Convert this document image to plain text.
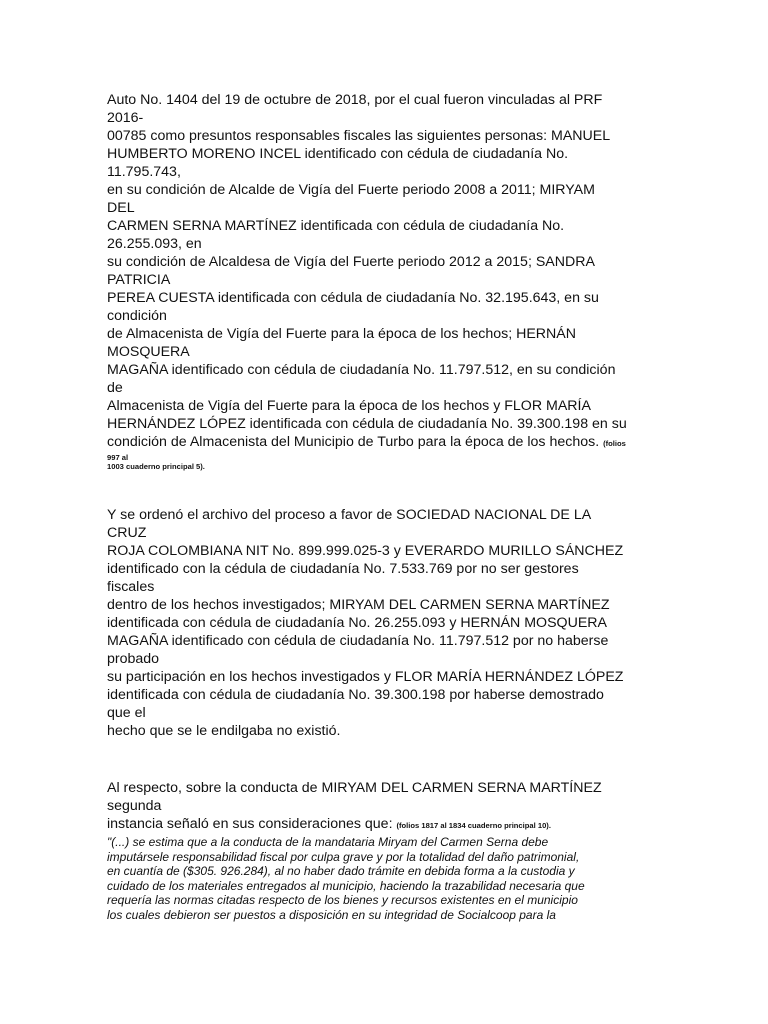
Auto No. 1404 del 19 de octubre de 2018, por el cual fueron vinculadas al PRF
2016-
00785 como presuntos responsables fiscales las siguientes personas: MANUEL
HUMBERTO MORENO INCEL identificado con cédula de ciudadanía No.
11.795.743,
en su condición de Alcalde de Vigía del Fuerte periodo 2008 a 2011; MIRYAM
DEL
CARMEN SERNA MARTÍNEZ identificada con cédula de ciudadanía No.
26.255.093, en
su condición de Alcaldesa de Vigía del Fuerte periodo 2012 a 2015; SANDRA
PATRICIA
PEREA CUESTA identificada con cédula de ciudadanía No. 32.195.643, en su
condición
de Almacenista de Vigía del Fuerte para la época de los hechos; HERNÁN
MOSQUERA
MAGAÑA identificado con cédula de ciudadanía No. 11.797.512, en su condición
de
Almacenista de Vigía del Fuerte para la época de los hechos y FLOR MARÍA
HERNÁNDEZ LÓPEZ identificada con cédula de ciudadanía No. 39.300.198 en su
condición de Almacenista del Municipio de Turbo para la época de los hechos. (folios
997 al
1003 cuaderno principal 5).
Y se ordenó el archivo del proceso a favor de SOCIEDAD NACIONAL DE LA
CRUZ
ROJA COLOMBIANA NIT No. 899.999.025-3 y EVERARDO MURILLO SÁNCHEZ
identificado con la cédula de ciudadanía No. 7.533.769 por no ser gestores
fiscales
dentro de los hechos investigados; MIRYAM DEL CARMEN SERNA MARTÍNEZ
identificada con cédula de ciudadanía No. 26.255.093 y HERNÁN MOSQUERA
MAGAÑA identificado con cédula de ciudadanía No. 11.797.512 por no haberse
probado
su participación en los hechos investigados y FLOR MARÍA HERNÁNDEZ LÓPEZ
identificada con cédula de ciudadanía No. 39.300.198 por haberse demostrado
que el
hecho que se le endilgaba no existió.
Al respecto, sobre la conducta de MIRYAM DEL CARMEN SERNA MARTÍNEZ
segunda
instancia señaló en sus consideraciones que: (folios 1817 al 1834 cuaderno principal 10).
"(...) se estima que a la conducta de la mandataria Miryam del Carmen Serna debe
imputársele responsabilidad fiscal por culpa grave y por la totalidad del daño patrimonial,
en cuantía de ($305. 926.284), al no haber dado trámite en debida forma a la custodia y
cuidado de los materiales entregados al municipio, haciendo la trazabilidad necesaria que
requería las normas citadas respecto de los bienes y recursos existentes en el municipio
los cuales debieron ser puestos a disposición en su integridad de Socialcoop para la
